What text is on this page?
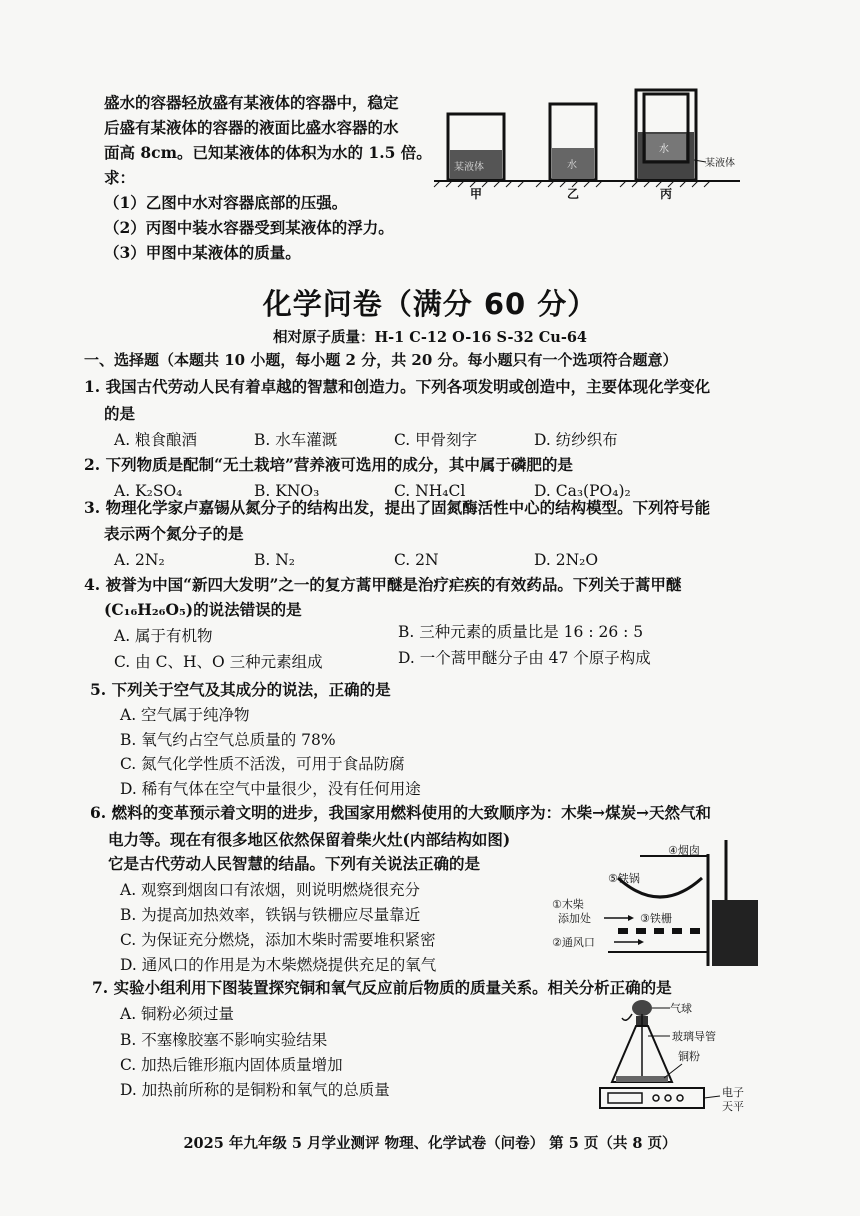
盛水的容器轻放盛有某液体的容器中，稳定
后盛有某液体的容器的液面比盛水容器的水
面高 8cm。已知某液体的体积为水的 1.5 倍。
求：
（1）乙图中水对容器底部的压强。
（2）丙图中装水容器受到某液体的浮力。
（3）甲图中某液体的质量。
某液体	水
水
某液体
甲	乙	丙
化学问卷（满分 60 分）
相对原子质量：H-1 C-12 O-16 S-32 Cu-64
一、选择题（本题共 10 小题，每小题 2 分，共 20 分。每小题只有一个选项符合题意）
1. 我国古代劳动人民有着卓越的智慧和创造力。下列各项发明或创造中，主要体现化学变化
的是
A. 粮食酿酒	B. 水车灌溉	C. 甲骨刻字	D. 纺纱织布
2. 下列物质是配制“无土栽培”营养液可选用的成分，其中属于磷肥的是
A. K₂SO₄	B. KNO₃	C. NH₄Cl	D. Ca₃(PO₄)₂
3. 物理化学家卢嘉锡从氮分子的结构出发，提出了固氮酶活性中心的结构模型。下列符号能
表示两个氮分子的是
A. 2N₂	B. N₂	C. 2N	D. 2N₂O
4. 被誉为中国“新四大发明”之一的复方蒿甲醚是治疗疟疾的有效药品。下列关于蒿甲醚
(C₁₆H₂₆O₅)的说法错误的是
A. 属于有机物	B. 三种元素的质量比是 16 : 26 : 5
C. 由 C、H、O 三种元素组成	D. 一个蒿甲醚分子由 47 个原子构成
5. 下列关于空气及其成分的说法，正确的是
A. 空气属于纯净物
B. 氧气约占空气总质量的 78%
C. 氮气化学性质不活泼，可用于食品防腐
D. 稀有气体在空气中量很少，没有任何用途
6. 燃料的变革预示着文明的进步，我国家用燃料使用的大致顺序为：木柴→煤炭→天然气和
电力等。现在有很多地区依然保留着柴火灶(内部结构如图)
它是古代劳动人民智慧的结晶。下列有关说法正确的是
A. 观察到烟囱口有浓烟，则说明燃烧很充分
B. 为提高加热效率，铁锅与铁栅应尽量靠近
C. 为保证充分燃烧，添加木柴时需要堆积紧密
D. 通风口的作用是为木柴燃烧提供充足的氧气
④烟囱
⑤铁锅
③铁栅
①木柴
添加处
②通风口
7. 实验小组利用下图装置探究铜和氧气反应前后物质的质量关系。相关分析正确的是
A. 铜粉必须过量
B. 不塞橡胶塞不影响实验结果
C. 加热后锥形瓶内固体质量增加
D. 加热前所称的是铜粉和氧气的总质量
气球
玻璃导管
铜粉
电子
天平
2025 年九年级 5 月学业测评 物理、化学试卷（问卷） 第 5 页（共 8 页）
